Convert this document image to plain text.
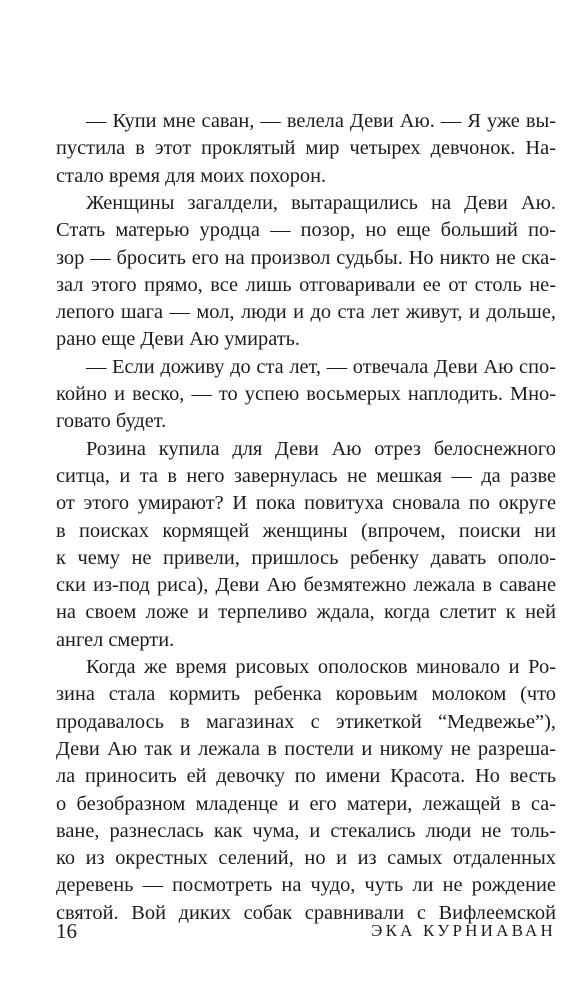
— Купи мне саван, — велела Деви Аю. — Я уже вы-
пустила в этот проклятый мир четырех девчонок. На-
стало время для моих похорон.
Женщины загалдели, вытаращились на Деви Аю.
Стать матерью уродца — позор, но еще больший по-
зор — бросить его на произвол судьбы. Но никто не ска-
зал этого прямо, все лишь отговаривали ее от столь не-
лепого шага — мол, люди и до ста лет живут, и дольше,
рано еще Деви Аю умирать.
— Если доживу до ста лет, — отвечала Деви Аю спо-
койно и веско, — то успею восьмерых наплодить. Мно-
говато будет.
Розина купила для Деви Аю отрез белоснежного
ситца, и та в него завернулась не мешкая — да разве
от этого умирают? И пока повитуха сновала по округе
в поисках кормящей женщины (впрочем, поиски ни
к чему не привели, пришлось ребенку давать ополо-
ски из-под риса), Деви Аю безмятежно лежала в саване
на своем ложе и терпеливо ждала, когда слетит к ней
ангел смерти.
Когда же время рисовых ополосков миновало и Ро-
зина стала кормить ребенка коровьим молоком (что
продавалось в магазинах с этикеткой “Медвежье”),
Деви Аю так и лежала в постели и никому не разреша-
ла приносить ей девочку по имени Красота. Но весть
о безобразном младенце и его матери, лежащей в са-
ване, разнеслась как чума, и стекались люди не толь-
ко из окрестных селений, но и из самых отдаленных
деревень — посмотреть на чудо, чуть ли не рождение
святой. Вой диких собак сравнивали с Вифлеемской
16	ЭКА КУРНИАВАН
